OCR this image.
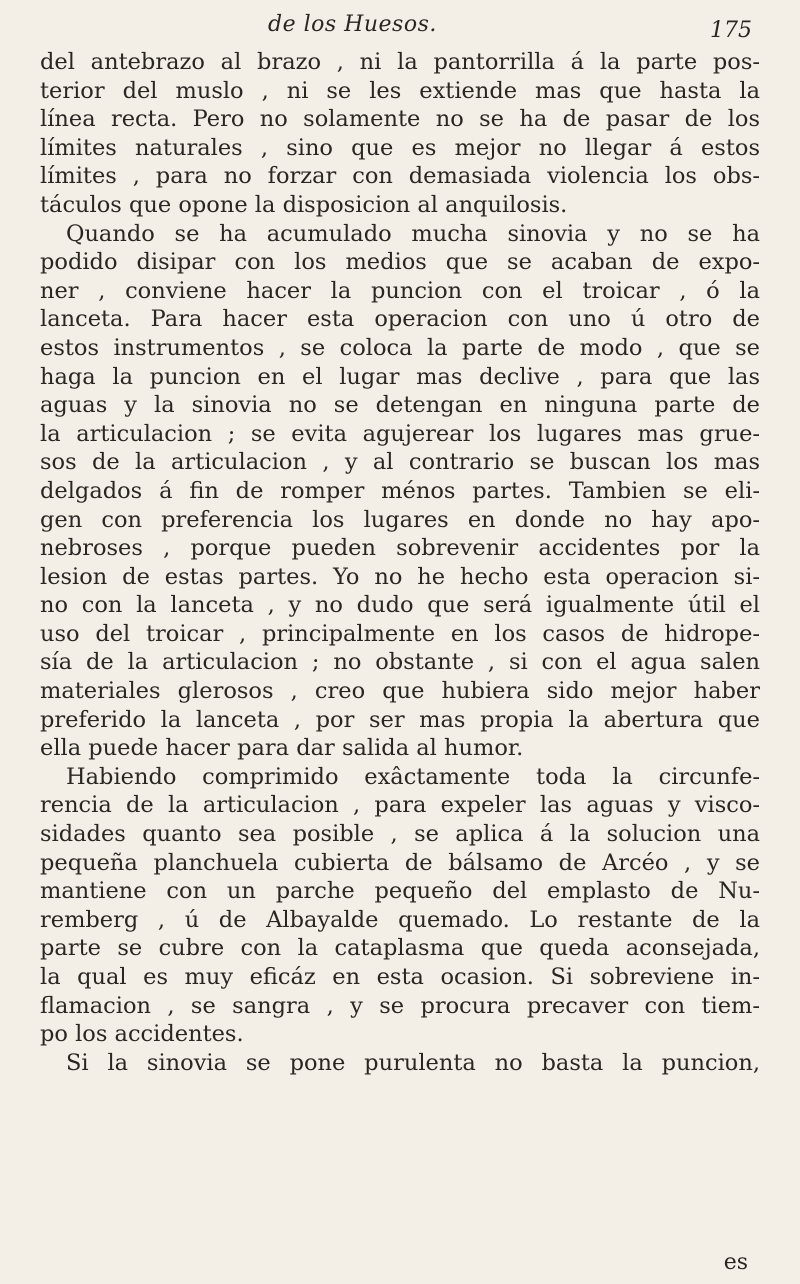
de los Huesos.	175
del antebrazo al brazo , ni la pantorrilla á la parte pos-
terior del muslo , ni se les extiende mas que hasta la
línea recta. Pero no solamente no se ha de pasar de los
límites naturales , sino que es mejor no llegar á estos
límites , para no forzar con demasiada violencia los obs-
táculos que opone la disposicion al anquilosis.
Quando se ha acumulado mucha sinovia y no se ha
podido disipar con los medios que se acaban de expo-
ner , conviene hacer la puncion con el troicar , ó la
lanceta. Para hacer esta operacion con uno ú otro de
estos instrumentos , se coloca la parte de modo , que se
haga la puncion en el lugar mas declive , para que las
aguas y la sinovia no se detengan en ninguna parte de
la articulacion ; se evita agujerear los lugares mas grue-
sos de la articulacion , y al contrario se buscan los mas
delgados á fin de romper ménos partes. Tambien se eli-
gen con preferencia los lugares en donde no hay apo-
nebroses , porque pueden sobrevenir accidentes por la
lesion de estas partes. Yo no he hecho esta operacion si-
no con la lanceta , y no dudo que será igualmente útil el
uso del troicar , principalmente en los casos de hidrope-
sía de la articulacion ; no obstante , si con el agua salen
materiales glerosos , creo que hubiera sido mejor haber
preferido la lanceta , por ser mas propia la abertura que
ella puede hacer para dar salida al humor.
Habiendo comprimido exâctamente toda la circunfe-
rencia de la articulacion , para expeler las aguas y visco-
sidades quanto sea posible , se aplica á la solucion una
pequeña planchuela cubierta de bálsamo de Arcéo , y se
mantiene con un parche pequeño del emplasto de Nu-
remberg , ú de Albayalde quemado. Lo restante de la
parte se cubre con la cataplasma que queda aconsejada,
la qual es muy eficáz en esta ocasion. Si sobreviene in-
flamacion , se sangra , y se procura precaver con tiem-
po los accidentes.
Si la sinovia se pone purulenta no basta la puncion,
es
